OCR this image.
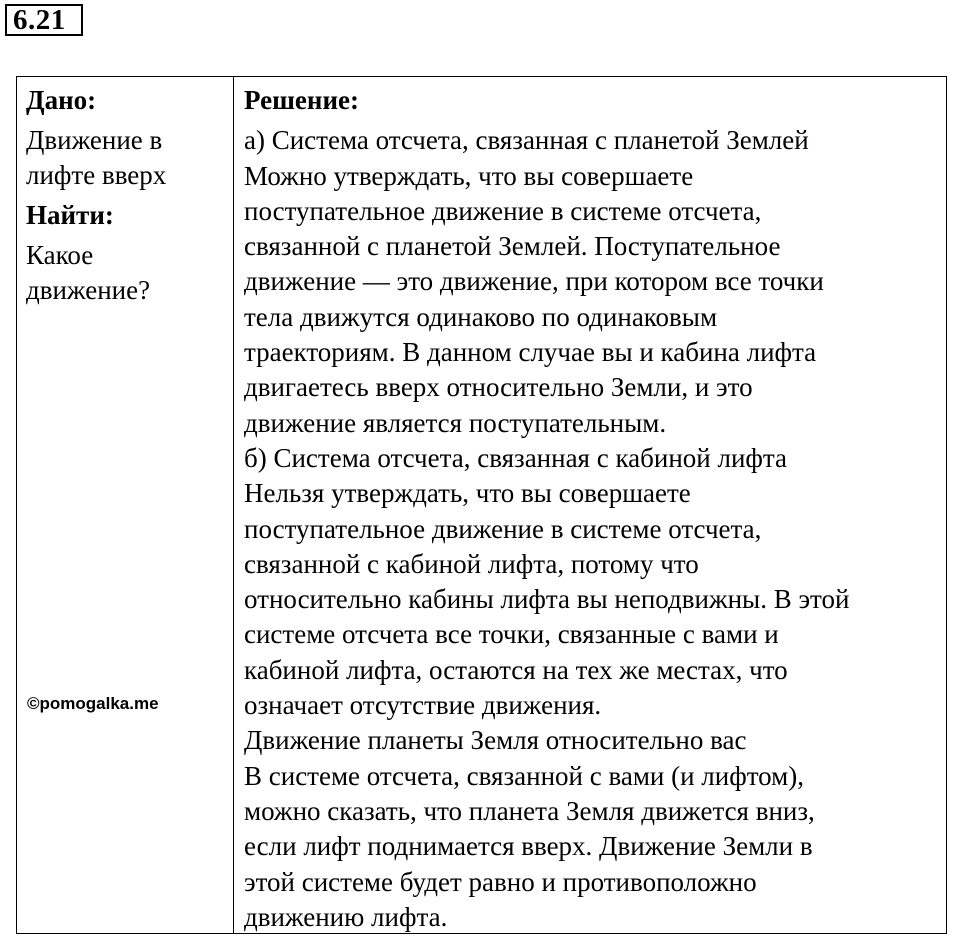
6.21
Дано:
Движение в
лифте вверх
Найти:
Какое
движение?
©pomogalka.me
Решение:
а) Система отсчета, связанная с планетой Землей
Можно утверждать, что вы совершаете
поступательное движение в системе отсчета,
связанной с планетой Землей. Поступательное
движение — это движение, при котором все точки
тела движутся одинаково по одинаковым
траекториям. В данном случае вы и кабина лифта
двигаетесь вверх относительно Земли, и это
движение является поступательным.
б) Система отсчета, связанная с кабиной лифта
Нельзя утверждать, что вы совершаете
поступательное движение в системе отсчета,
связанной с кабиной лифта, потому что
относительно кабины лифта вы неподвижны. В этой
системе отсчета все точки, связанные с вами и
кабиной лифта, остаются на тех же местах, что
означает отсутствие движения.
Движение планеты Земля относительно вас
В системе отсчета, связанной с вами (и лифтом),
можно сказать, что планета Земля движется вниз,
если лифт поднимается вверх. Движение Земли в
этой системе будет равно и противоположно
движению лифта.
